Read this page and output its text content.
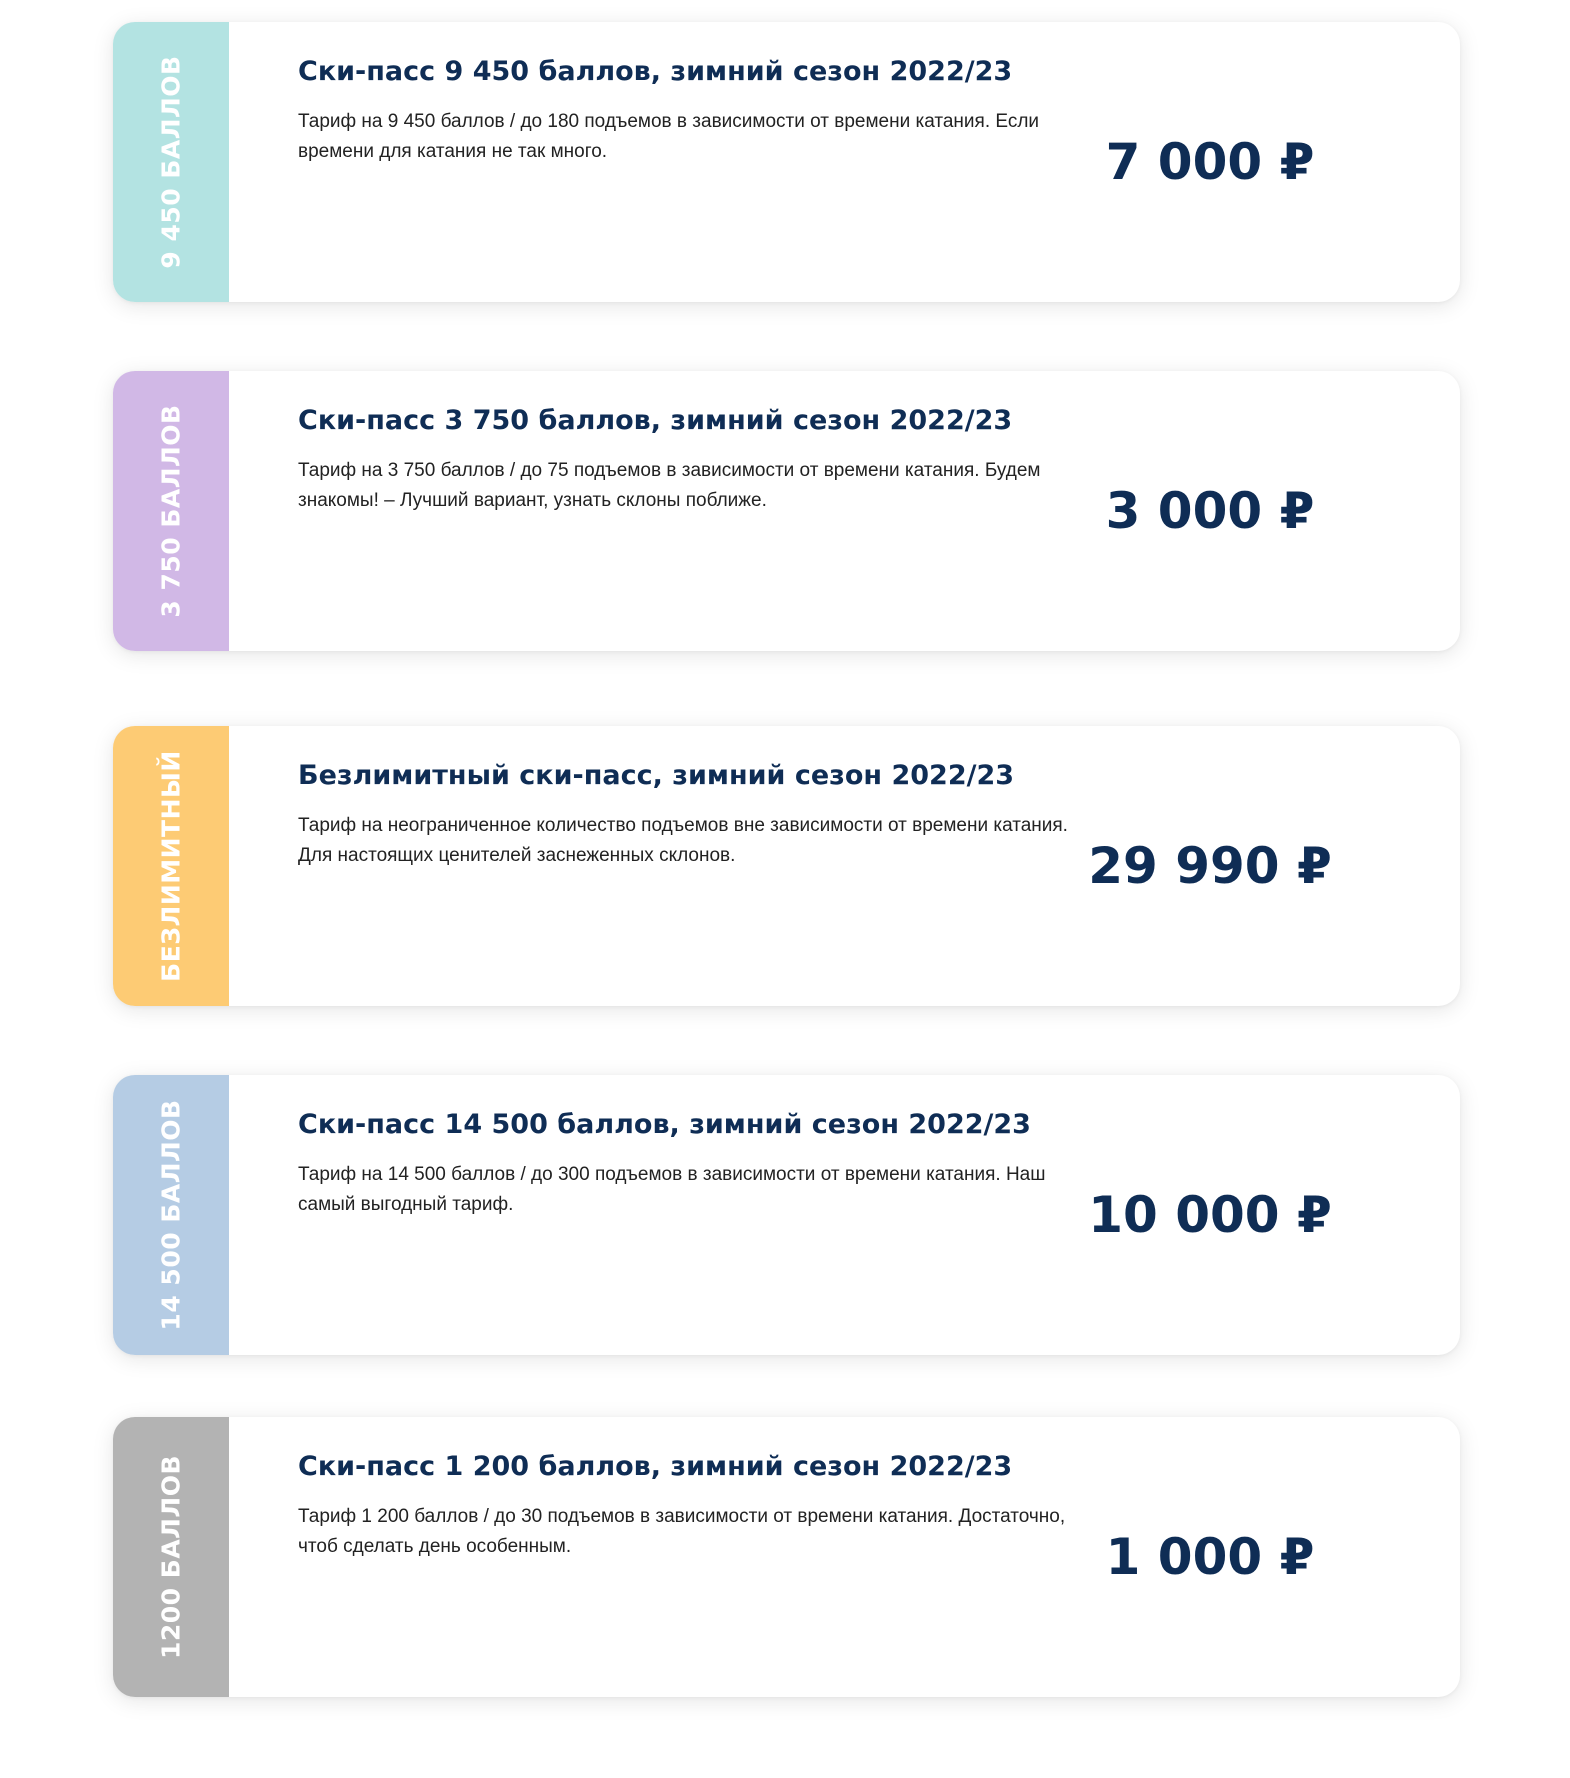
9 450 БАЛЛОВ	Ски-пасс 9 450 баллов, зимний сезон 2022/23

Тариф на 9 450 баллов / до 180 подъемов в зависимости от времени катания. Если времени для катания не так много.	7 000 ₽
3 750 БАЛЛОВ	Ски-пасс 3 750 баллов, зимний сезон 2022/23

Тариф на 3 750 баллов / до 75 подъемов в зависимости от времени катания. Будем знакомы! – Лучший вариант, узнать склоны поближе.	3 000 ₽
БЕЗЛИМИТНЫЙ	Безлимитный ски-пасс, зимний сезон 2022/23

Тариф на неограниченное количество подъемов вне зависимости от времени катания. Для настоящих ценителей заснеженных склонов.	29 990 ₽
14 500 БАЛЛОВ	Ски-пасс 14 500 баллов, зимний сезон 2022/23

Тариф на 14 500 баллов / до 300 подъемов в зависимости от времени катания. Наш самый выгодный тариф.	10 000 ₽
1200 БАЛЛОВ	Ски-пасс 1 200 баллов, зимний сезон 2022/23

Тариф 1 200 баллов / до 30 подъемов в зависимости от времени катания. Достаточно, чтоб сделать день особенным.	1 000 ₽
